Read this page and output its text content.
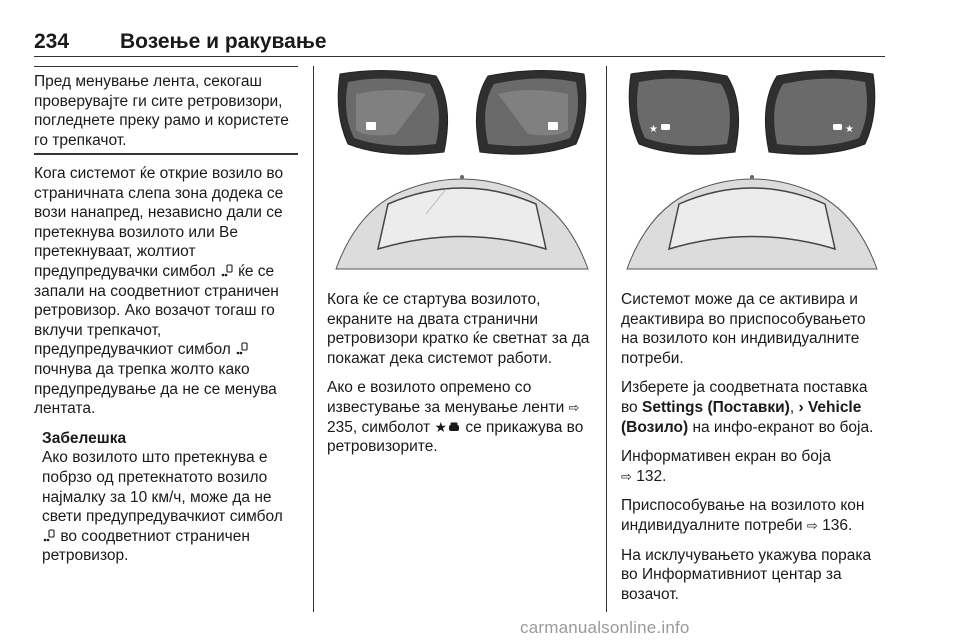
234 Возење и ракување
Пред менување лента, секогаш проверувајте ги сите ретровизори, погледнете преку рамо и користете го трепкачот.

Кога системот ќе открие возило во страничната слепа зона додека се вози нанапред, независно дали се претекнува возилото или Ве претекнуваат, жолтиот предупредувачки симбол ќе се запали на соодветниот страничен ретровизор. Ако возачот тогаш го вклучи трепкачот, предупредувачкиот симбол  почнува да трепка жолто како предупредување да не се менува лентата.

Забелешка
Ако возилото што претекнува е побрзо од претекнатото возило најмалку за 10 км/ч, може да не свети предупредувачкиот симбол  во соодветниот страничен ретровизор.

Кога ќе се стартува возилото, екраните на двата странични ретровизори кратко ќе светнат за да покажат дека системот работи.

Ако е возилото опремено со известување за менување ленти ⇨ 235, симболот ★ се прикажува во ретровизорите.

★	★

Системот може да се активира и деактивира во приспособувањето на возилото кон индивидуалните потреби.

Изберете ја соодветната поставка во Settings (Поставки), › Vehicle (Возило) на инфо-екранот во боја.

Информативен екран во боја
⇨ 132.

Приспособување на возилото кон индивидуалните потреби ⇨ 136.

На исклучувањето укажува порака во Информативниот центар за возачот.

carmanualsonline.info
